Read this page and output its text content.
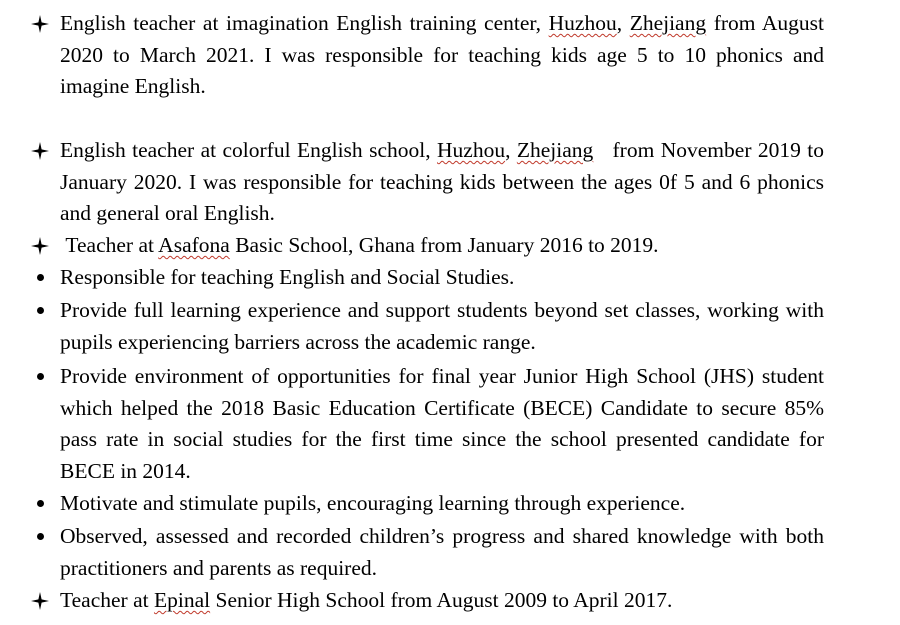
English teacher at imagination English training center, Huzhou, Zhejiang from August 2020 to March 2021. I was responsible for teaching kids age 5 to 10 phonics and imagine English.
English teacher at colorful English school, Huzhou, Zhejiang   from November 2019 to January 2020. I was responsible for teaching kids between the ages 0f 5 and 6 phonics and general oral English.
Teacher at Asafona Basic School, Ghana from January 2016 to 2019.
Responsible for teaching English and Social Studies.
Provide full learning experience and support students beyond set classes, working with pupils experiencing barriers across the academic range.
Provide environment of opportunities for final year Junior High School (JHS) student which helped the 2018 Basic Education Certificate (BECE) Candidate to secure 85% pass rate in social studies for the first time since the school presented candidate for BECE in 2014.
Motivate and stimulate pupils, encouraging learning through experience.
Observed, assessed and recorded children’s progress and shared knowledge with both practitioners and parents as required.
Teacher at Epinal Senior High School from August 2009 to April 2017.
